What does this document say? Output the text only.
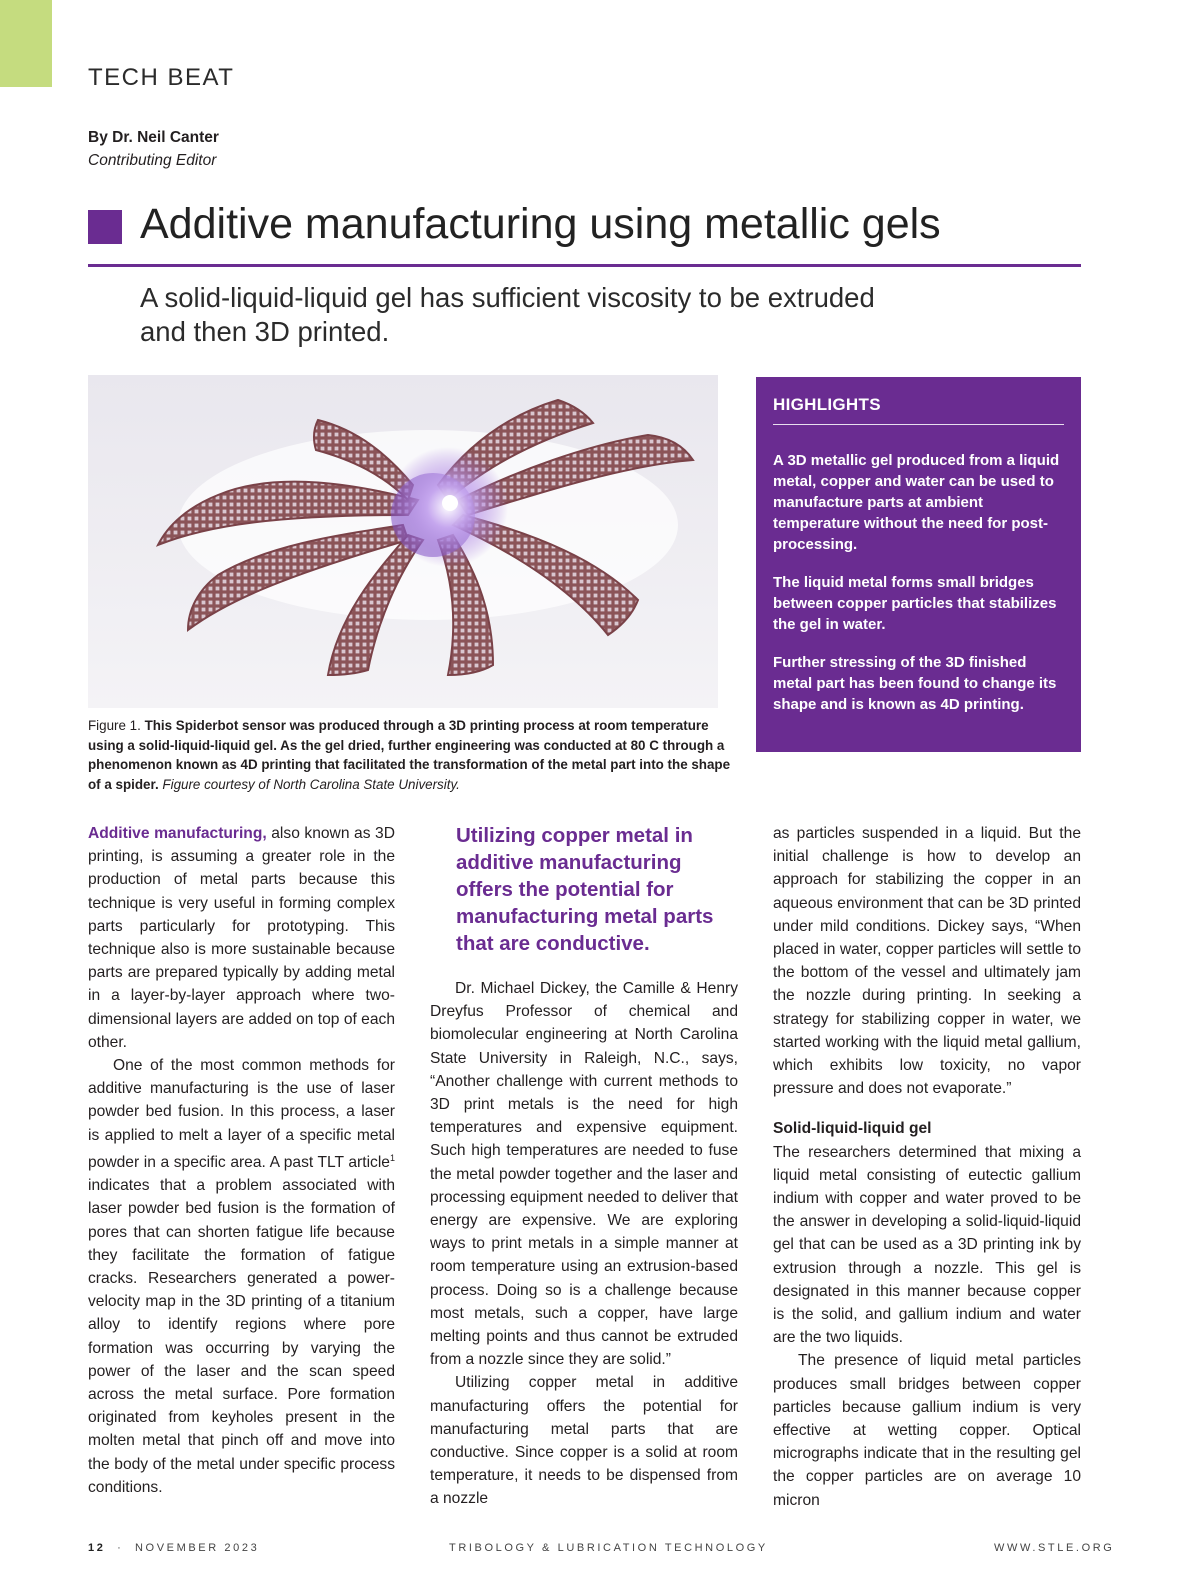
TECH BEAT
By Dr. Neil Canter
Contributing Editor
Additive manufacturing using metallic gels
A solid-liquid-liquid gel has sufficient viscosity to be extruded and then 3D printed.
Figure 1. This Spiderbot sensor was produced through a 3D printing process at room temperature using a solid-liquid-liquid gel. As the gel dried, further engineering was conducted at 80 C through a phenomenon known as 4D printing that facilitated the transformation of the metal part into the shape of a spider. Figure courtesy of North Carolina State University.
HIGHLIGHTS
A 3D metallic gel produced from a liquid metal, copper and water can be used to manufacture parts at ambient temperature without the need for post-processing.
The liquid metal forms small bridges between copper particles that stabilizes the gel in water.
Further stressing of the 3D finished metal part has been found to change its shape and is known as 4D printing.

Additive manufacturing, also known as 3D printing, is assuming a greater role in the production of metal parts because this technique is very useful in forming complex parts particularly for prototyping. This technique also is more sustainable because parts are prepared typically by adding metal in a layer-by-layer approach where two-dimensional layers are added on top of each other.

One of the most common methods for additive manufacturing is the use of laser powder bed fusion. In this process, a laser is applied to melt a layer of a specific metal powder in a specific area. A past TLT article$^1$ indicates that a problem associated with laser powder bed fusion is the formation of pores that can shorten fatigue life because they facilitate the formation of fatigue cracks. Researchers generated a power-velocity map in the 3D printing of a titanium alloy to identify regions where pore formation was occurring by varying the power of the laser and the scan speed across the metal surface. Pore formation originated from keyholes present in the molten metal that pinch off and move into the body of the metal under specific process conditions.

Utilizing copper metal in additive manufacturing offers the potential for manufacturing metal parts that are conductive.

Dr. Michael Dickey, the Camille & Henry Dreyfus Professor of chemical and biomolecular engineering at North Carolina State University in Raleigh, N.C., says, “Another challenge with current methods to 3D print metals is the need for high temperatures and expensive equipment. Such high temperatures are needed to fuse the metal powder together and the laser and processing equipment needed to deliver that energy are expensive. We are exploring ways to print metals in a simple manner at room temperature using an extrusion-based process. Doing so is a challenge because most metals, such a copper, have large melting points and thus cannot be extruded from a nozzle since they are solid.”

Utilizing copper metal in additive manufacturing offers the potential for manufacturing metal parts that are conductive. Since copper is a solid at room temperature, it needs to be dispensed from a nozzle

as particles suspended in a liquid. But the initial challenge is how to develop an approach for stabilizing the copper in an aqueous environment that can be 3D printed under mild conditions. Dickey says, “When placed in water, copper particles will settle to the bottom of the vessel and ultimately jam the nozzle during printing. In seeking a strategy for stabilizing copper in water, we started working with the liquid metal gallium, which exhibits low toxicity, no vapor pressure and does not evaporate.”

Solid-liquid-liquid gel

The researchers determined that mixing a liquid metal consisting of eutectic gallium indium with copper and water proved to be the answer in developing a solid-liquid-liquid gel that can be used as a 3D printing ink by extrusion through a nozzle. This gel is designated in this manner because copper is the solid, and gallium indium and water are the two liquids.

The presence of liquid metal particles produces small bridges between copper particles because gallium indium is very effective at wetting copper. Optical micrographs indicate that in the resulting gel the copper particles are on average 10 micron

12 · NOVEMBER 2023	TRIBOLOGY & LUBRICATION TECHNOLOGY	WWW.STLE.ORG
